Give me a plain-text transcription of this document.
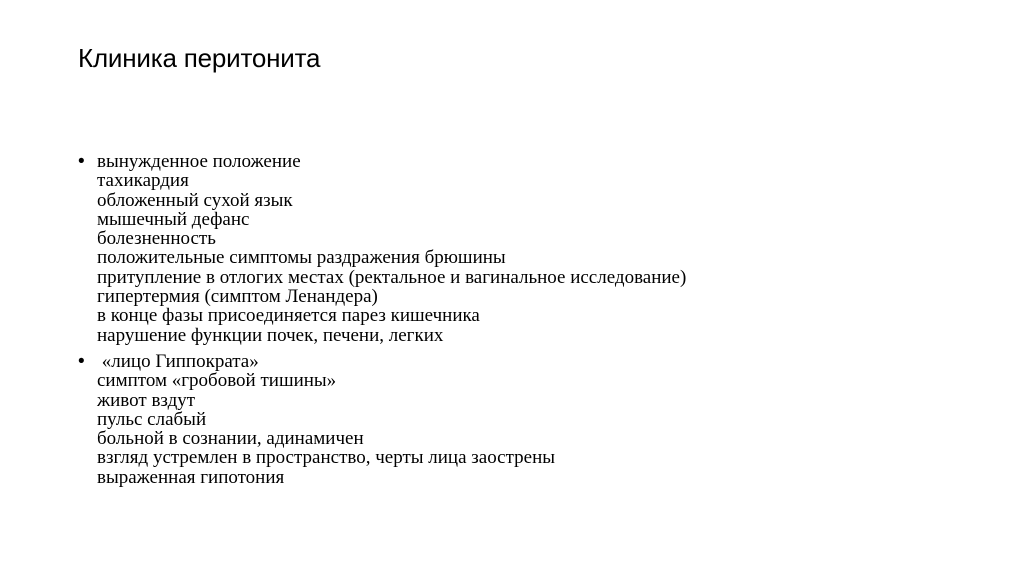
Клиника перитонита
• вынужденное положение
тахикардия
обложенный сухой язык
мышечный дефанс
болезненность
положительные симптомы раздражения брюшины
притупление в отлогих местах (ректальное и вагинальное исследование)
гипертермия (симптом Ленандера)
в конце фазы присоединяется парез кишечника
нарушение функции почек, печени, легких
• «лицо Гиппократа»
симптом «гробовой тишины»
живот вздут
пульс слабый
больной в сознании, адинамичен
взгляд устремлен в пространство, черты лица заострены
выраженная гипотония
